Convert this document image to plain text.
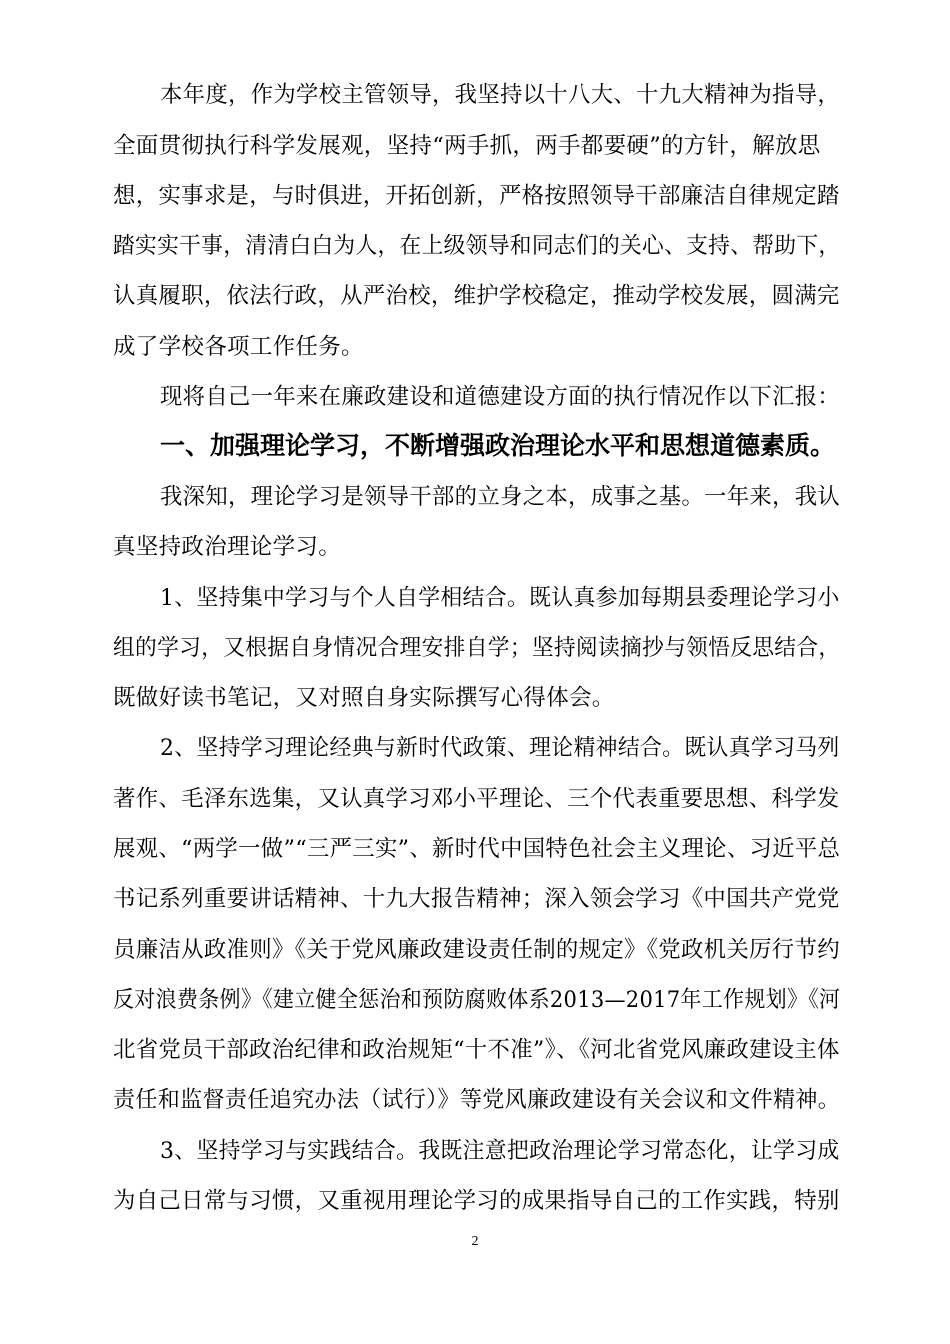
本年度，作为学校主管领导，我坚持以十八大、十九大精神为指导，
全面贯彻执行科学发展观，坚持“两手抓，两手都要硬”的方针，解放思
想，实事求是，与时俱进，开拓创新，严格按照领导干部廉洁自律规定踏
踏实实干事，清清白白为人，在上级领导和同志们的关心、支持、帮助下，
认真履职，依法行政，从严治校，维护学校稳定，推动学校发展，圆满完
成了学校各项工作任务。
现将自己一年来在廉政建设和道德建设方面的执行情况作以下汇报：
一、加强理论学习，不断增强政治理论水平和思想道德素质。
我深知，理论学习是领导干部的立身之本，成事之基。一年来，我认
真坚持政治理论学习。
1、坚持集中学习与个人自学相结合。既认真参加每期县委理论学习小
组的学习，又根据自身情况合理安排自学；坚持阅读摘抄与领悟反思结合，
既做好读书笔记，又对照自身实际撰写心得体会。
2、坚持学习理论经典与新时代政策、理论精神结合。既认真学习马列
著作、毛泽东选集，又认真学习邓小平理论、三个代表重要思想、科学发
展观、“两学一做”“三严三实”、新时代中国特色社会主义理论、习近平总
书记系列重要讲话精神、十九大报告精神；深入领会学习《中国共产党党
员廉洁从政准则》《关于党风廉政建设责任制的规定》《党政机关厉行节约
反对浪费条例》《建立健全惩治和预防腐败体系2013—2017年工作规划》《河
北省党员干部政治纪律和政治规矩“十不准”》、《河北省党风廉政建设主体
责任和监督责任追究办法（试行）》等党风廉政建设有关会议和文件精神。
3、坚持学习与实践结合。我既注意把政治理论学习常态化，让学习成
为自己日常与习惯，又重视用理论学习的成果指导自己的工作实践，特别
2
